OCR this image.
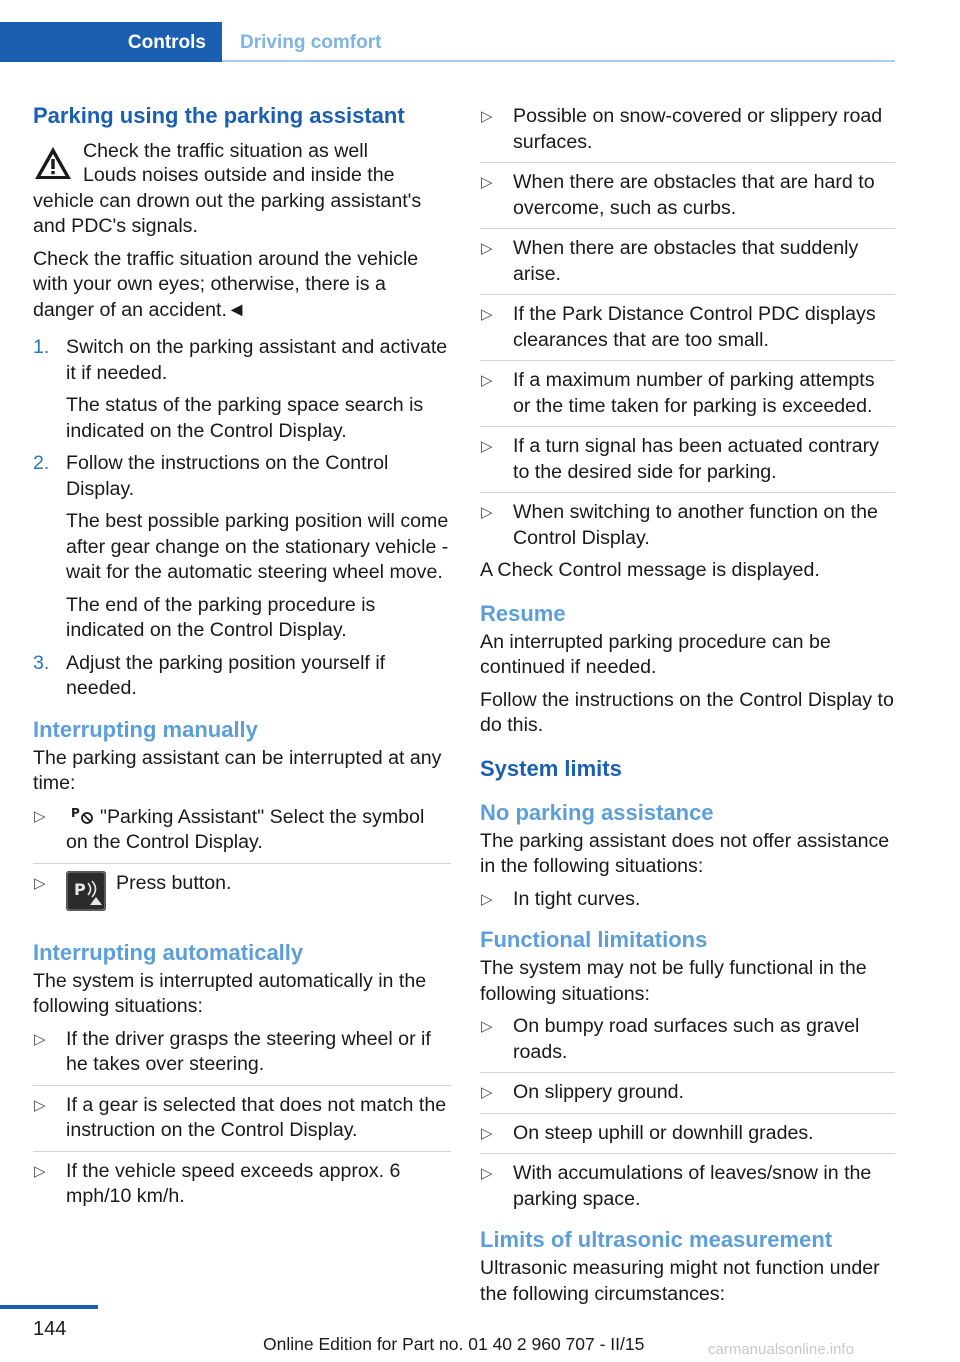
Controls	Driving comfort
Parking using the parking assistant

Check the traffic situation as well

Louds noises outside and inside the vehicle can drown out the parking assistant's and PDC's signals.

Check the traffic situation around the vehicle with your own eyes; otherwise, there is a danger of an accident.◄

1. Switch on the parking assistant and activate it if needed.

The status of the parking space search is indicated on the Control Display.

2. Follow the instructions on the Control Display.

The best possible parking position will come after gear change on the stationary vehicle - wait for the automatic steering wheel move.

The end of the parking procedure is indicated on the Control Display.

3. Adjust the parking position yourself if needed.

Interrupting manually

The parking assistant can be interrupted at any time:

▷ P "Parking Assistant" Select the symbol on the Control Display.
▷ P Press button.
Interrupting automatically

The system is interrupted automatically in the following situations:

▷ If the driver grasps the steering wheel or if he takes over steering.
▷ If a gear is selected that does not match the instruction on the Control Display.
▷ If the vehicle speed exceeds approx. 6 mph/10 km/h.
▷ Possible on snow-covered or slippery road surfaces.
▷ When there are obstacles that are hard to overcome, such as curbs.
▷ When there are obstacles that suddenly arise.
▷ If the Park Distance Control PDC displays clearances that are too small.
▷ If a maximum number of parking attempts or the time taken for parking is exceeded.
▷ If a turn signal has been actuated contrary to the desired side for parking.
▷ When switching to another function on the Control Display.

A Check Control message is displayed.

Resume

An interrupted parking procedure can be continued if needed.

Follow the instructions on the Control Display to do this.

System limits
No parking assistance

The parking assistant does not offer assistance in the following situations:

▷ In tight curves.
Functional limitations

The system may not be fully functional in the following situations:

▷ On bumpy road surfaces such as gravel roads.
▷ On slippery ground.
▷ On steep uphill or downhill grades.
▷ With accumulations of leaves/snow in the parking space.
Limits of ultrasonic measurement

Ultrasonic measuring might not function under the following circumstances:

144
Online Edition for Part no. 01 40 2 960 707 - II/15	carmanualsonline.info
